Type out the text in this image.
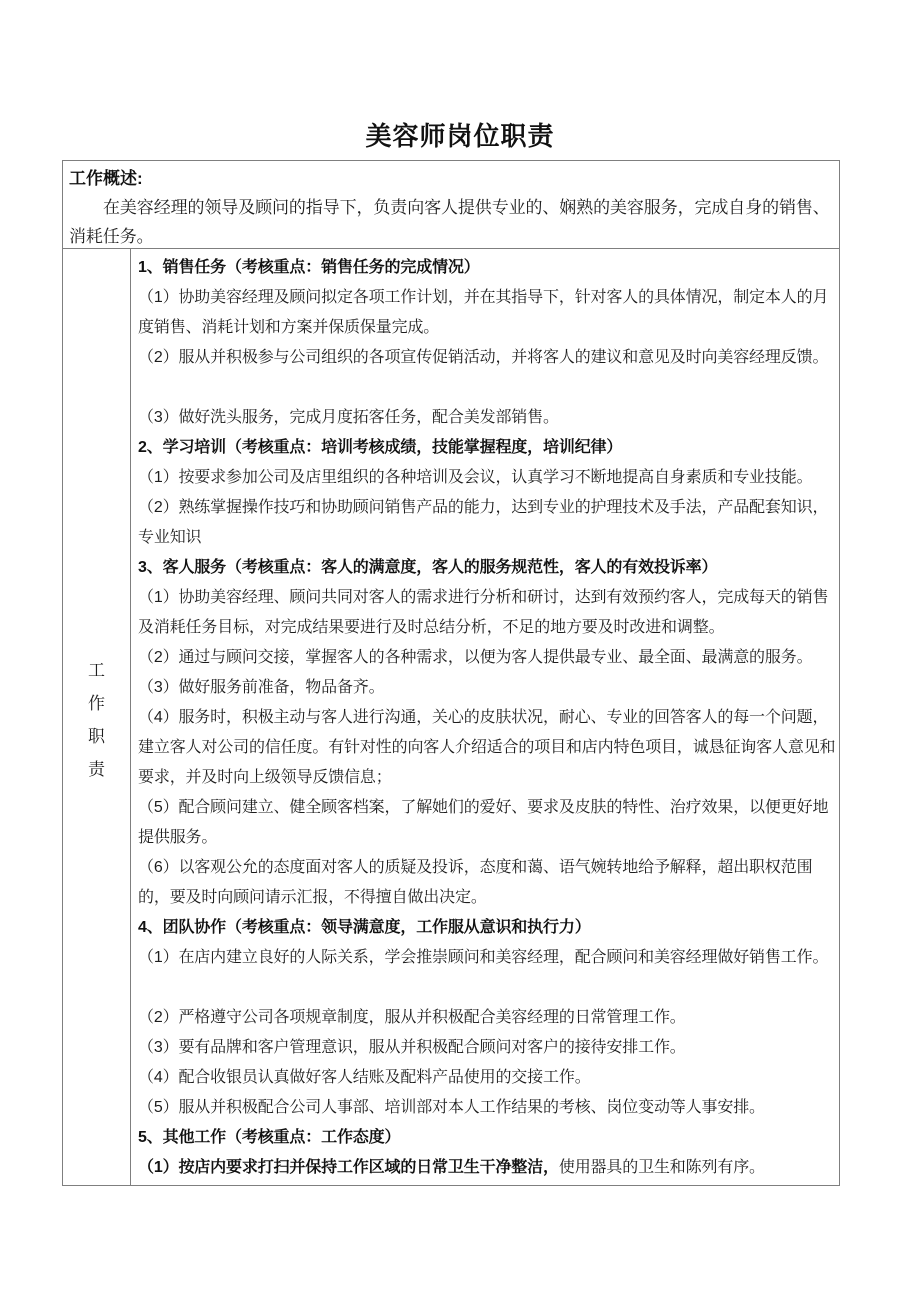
美容师岗位职责
工作概述:

在美容经理的领导及顾问的指导下，负责向客人提供专业的、娴熟的美容服务，完成自身的销售、消耗任务。

工
作
职
责
1、销售任务（考核重点：销售任务的完成情况）
（1）协助美容经理及顾问拟定各项工作计划，并在其指导下，针对客人的具体情况，制定本人的月度销售、消耗计划和方案并保质保量完成。
（2）服从并积极参与公司组织的各项宣传促销活动，并将客人的建议和意见及时向美容经理反馈。
（3）做好洗头服务，完成月度拓客任务，配合美发部销售。
2、学习培训（考核重点：培训考核成绩，技能掌握程度，培训纪律）
（1）按要求参加公司及店里组织的各种培训及会议，认真学习不断地提高自身素质和专业技能。
（2）熟练掌握操作技巧和协助顾问销售产品的能力，达到专业的护理技术及手法，产品配套知识，专业知识
3、客人服务（考核重点：客人的满意度，客人的服务规范性，客人的有效投诉率）
（1）协助美容经理、顾问共同对客人的需求进行分析和研讨，达到有效预约客人，完成每天的销售及消耗任务目标，对完成结果要进行及时总结分析，不足的地方要及时改进和调整。
（2）通过与顾问交接，掌握客人的各种需求，以便为客人提供最专业、最全面、最满意的服务。
（3）做好服务前准备，物品备齐。
（4）服务时，积极主动与客人进行沟通，关心的皮肤状况，耐心、专业的回答客人的每一个问题，建立客人对公司的信任度。有针对性的向客人介绍适合的项目和店内特色项目，诚恳征询客人意见和要求，并及时向上级领导反馈信息；
（5）配合顾问建立、健全顾客档案，了解她们的爱好、要求及皮肤的特性、治疗效果，以便更好地提供服务。
（6）以客观公允的态度面对客人的质疑及投诉，态度和蔼、语气婉转地给予解释，超出职权范围的，要及时向顾问请示汇报，不得擅自做出决定。
4、团队协作（考核重点：领导满意度，工作服从意识和执行力）
（1）在店内建立良好的人际关系，学会推崇顾问和美容经理，配合顾问和美容经理做好销售工作。
（2）严格遵守公司各项规章制度，服从并积极配合美容经理的日常管理工作。
（3）要有品牌和客户管理意识，服从并积极配合顾问对客户的接待安排工作。
（4）配合收银员认真做好客人结账及配料产品使用的交接工作。
（5）服从并积极配合公司人事部、培训部对本人工作结果的考核、岗位变动等人事安排。
5、其他工作（考核重点：工作态度）
（1）按店内要求打扫并保持工作区域的日常卫生干净整洁，使用器具的卫生和陈列有序。
